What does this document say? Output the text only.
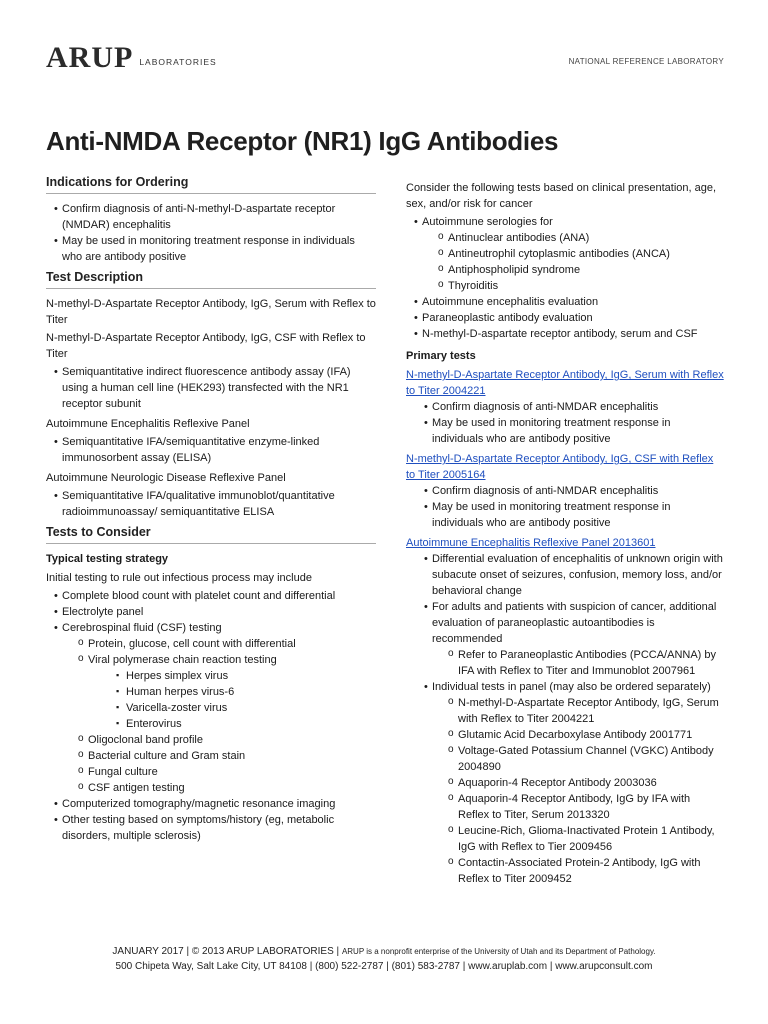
ARUP LABORATORIES	NATIONAL REFERENCE LABORATORY
Anti-NMDA Receptor (NR1) IgG Antibodies
Indications for Ordering
• Confirm diagnosis of anti-N-methyl-D-aspartate receptor (NMDAR) encephalitis
• May be used in monitoring treatment response in individuals who are antibody positive
Test Description

N-methyl-D-Aspartate Receptor Antibody, IgG, Serum with Reflex to Titer

N-methyl-D-Aspartate Receptor Antibody, IgG, CSF with Reflex to Titer

• Semiquantitative indirect fluorescence antibody assay (IFA) using a human cell line (HEK293) transfected with the NR1 receptor subunit

Autoimmune Encephalitis Reflexive Panel

• Semiquantitative IFA/semiquantitative enzyme-linked immunosorbent assay (ELISA)

Autoimmune Neurologic Disease Reflexive Panel

• Semiquantitative IFA/qualitative immunoblot/quantitative radioimmunoassay/ semiquantitative ELISA
Tests to Consider
Typical testing strategy

Initial testing to rule out infectious process may include

• Complete blood count with platelet count and differential
• Electrolyte panel
• Cerebrospinal fluid (CSF) testing
o Protein, glucose, cell count with differential
o Viral polymerase chain reaction testing
▪ Herpes simplex virus
▪ Human herpes virus-6
▪ Varicella-zoster virus
▪ Enterovirus
o Oligoclonal band profile
o Bacterial culture and Gram stain
o Fungal culture
o CSF antigen testing
• Computerized tomography/magnetic resonance imaging
• Other testing based on symptoms/history (eg, metabolic disorders, multiple sclerosis)

Consider the following tests based on clinical presentation, age, sex, and/or risk for cancer

• Autoimmune serologies for
o Antinuclear antibodies (ANA)
o Antineutrophil cytoplasmic antibodies (ANCA)
o Antiphospholipid syndrome
o Thyroiditis
• Autoimmune encephalitis evaluation
• Paraneoplastic antibody evaluation
• N-methyl-D-aspartate receptor antibody, serum and CSF
Primary tests
N-methyl-D-Aspartate Receptor Antibody, IgG, Serum with Reflex to Titer 2004221
• Confirm diagnosis of anti-NMDAR encephalitis
• May be used in monitoring treatment response in individuals who are antibody positive
N-methyl-D-Aspartate Receptor Antibody, IgG, CSF with Reflex to Titer 2005164
• Confirm diagnosis of anti-NMDAR encephalitis
• May be used in monitoring treatment response in individuals who are antibody positive
Autoimmune Encephalitis Reflexive Panel 2013601
• Differential evaluation of encephalitis of unknown origin with subacute onset of seizures, confusion, memory loss, and/or behavioral change
• For adults and patients with suspicion of cancer, additional evaluation of paraneoplastic autoantibodies is recommended
o Refer to Paraneoplastic Antibodies (PCCA/ANNA) by IFA with Reflex to Titer and Immunoblot 2007961
• Individual tests in panel (may also be ordered separately)
o N-methyl-D-Aspartate Receptor Antibody, IgG, Serum with Reflex to Titer 2004221
o Glutamic Acid Decarboxylase Antibody 2001771
o Voltage-Gated Potassium Channel (VGKC) Antibody 2004890
o Aquaporin-4 Receptor Antibody 2003036
o Aquaporin-4 Receptor Antibody, IgG by IFA with Reflex to Titer, Serum 2013320
o Leucine-Rich, Glioma-Inactivated Protein 1 Antibody, IgG with Reflex to Tier 2009456
o Contactin-Associated Protein-2 Antibody, IgG with Reflex to Titer 2009452
JANUARY 2017 | © 2013 ARUP LABORATORIES | ARUP is a nonprofit enterprise of the University of Utah and its Department of Pathology.
500 Chipeta Way, Salt Lake City, UT 84108 | (800) 522-2787 | (801) 583-2787 | www.aruplab.com | www.arupconsult.com
